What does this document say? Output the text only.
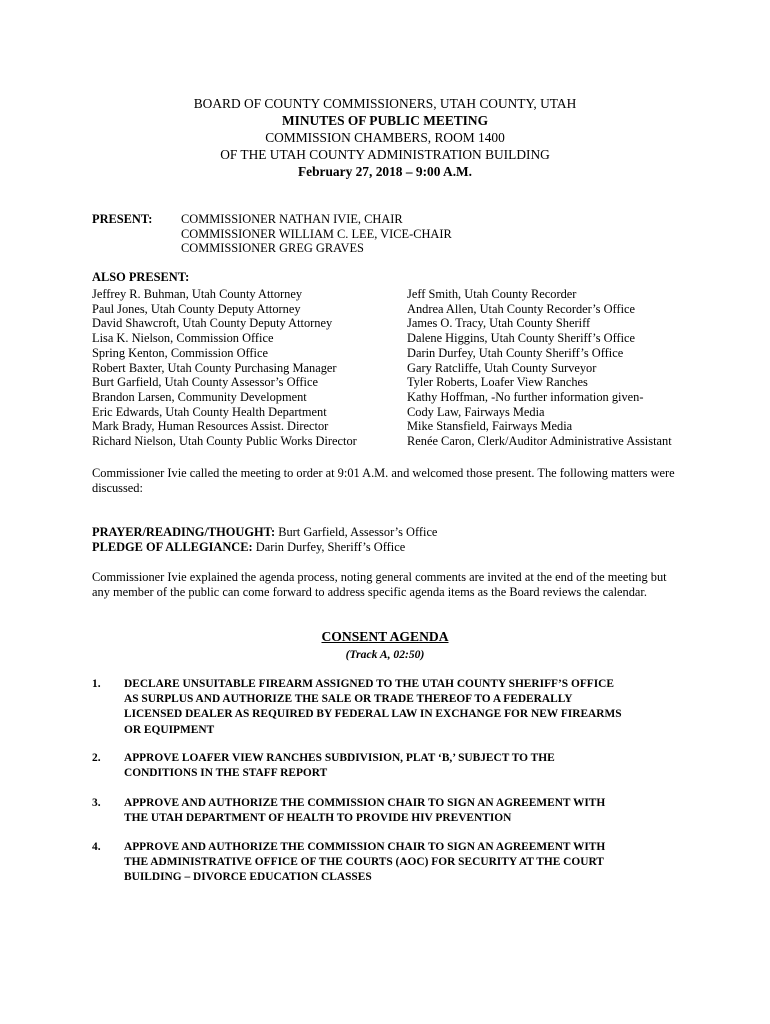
BOARD OF COUNTY COMMISSIONERS, UTAH COUNTY, UTAH
MINUTES OF PUBLIC MEETING
COMMISSION CHAMBERS, ROOM 1400
OF THE UTAH COUNTY ADMINISTRATION BUILDING
February 27, 2018 – 9:00 A.M.
PRESENT: COMMISSIONER NATHAN IVIE, CHAIR
COMMISSIONER WILLIAM C. LEE, VICE-CHAIR
COMMISSIONER GREG GRAVES
ALSO PRESENT:
Jeffrey R. Buhman, Utah County Attorney
Paul Jones, Utah County Deputy Attorney
David Shawcroft, Utah County Deputy Attorney
Lisa K. Nielson, Commission Office
Spring Kenton, Commission Office
Robert Baxter, Utah County Purchasing Manager
Burt Garfield, Utah County Assessor’s Office
Brandon Larsen, Community Development
Eric Edwards, Utah County Health Department
Mark Brady, Human Resources Assist. Director
Richard Nielson, Utah County Public Works Director
Jeff Smith, Utah County Recorder
Andrea Allen, Utah County Recorder’s Office
James O. Tracy, Utah County Sheriff
Dalene Higgins, Utah County Sheriff’s Office
Darin Durfey, Utah County Sheriff’s Office
Gary Ratcliffe, Utah County Surveyor
Tyler Roberts, Loafer View Ranches
Kathy Hoffman, -No further information given-
Cody Law, Fairways Media
Mike Stansfield, Fairways Media
Renée Caron, Clerk/Auditor Administrative Assistant
Commissioner Ivie called the meeting to order at 9:01 A.M. and welcomed those present. The following matters were
discussed:
PRAYER/READING/THOUGHT: Burt Garfield, Assessor’s Office
PLEDGE OF ALLEGIANCE: Darin Durfey, Sheriff’s Office
Commissioner Ivie explained the agenda process, noting general comments are invited at the end of the meeting but
any member of the public can come forward to address specific agenda items as the Board reviews the calendar.
CONSENT AGENDA
(Track A, 02:50)
1. DECLARE UNSUITABLE FIREARM ASSIGNED TO THE UTAH COUNTY SHERIFF’S OFFICE
AS SURPLUS AND AUTHORIZE THE SALE OR TRADE THEREOF TO A FEDERALLY
LICENSED DEALER AS REQUIRED BY FEDERAL LAW IN EXCHANGE FOR NEW FIREARMS
OR EQUIPMENT
2. APPROVE LOAFER VIEW RANCHES SUBDIVISION, PLAT ‘B,’ SUBJECT TO THE
CONDITIONS IN THE STAFF REPORT
3. APPROVE AND AUTHORIZE THE COMMISSION CHAIR TO SIGN AN AGREEMENT WITH
THE UTAH DEPARTMENT OF HEALTH TO PROVIDE HIV PREVENTION
4. APPROVE AND AUTHORIZE THE COMMISSION CHAIR TO SIGN AN AGREEMENT WITH
THE ADMINISTRATIVE OFFICE OF THE COURTS (AOC) FOR SECURITY AT THE COURT
BUILDING – DIVORCE EDUCATION CLASSES
